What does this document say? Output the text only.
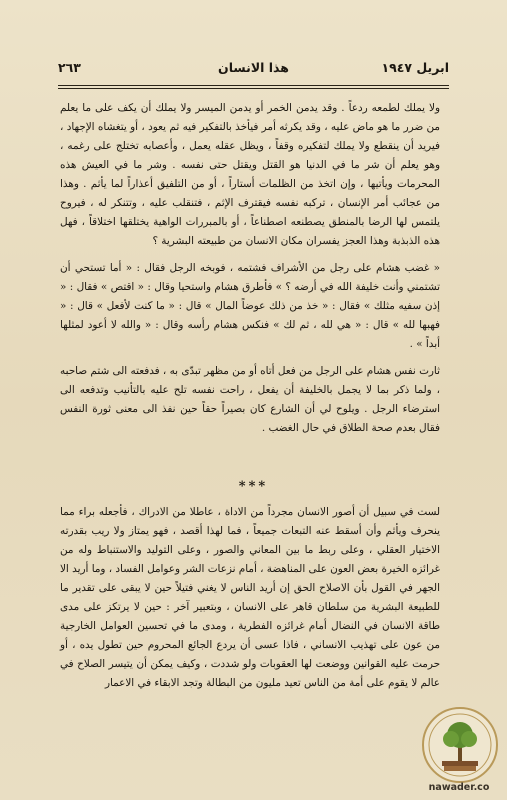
ابريل ١٩٤٧
هذا الانسان
٢٦٣

ولا يملك لطمعه ردعاً . وقد يدمن الخمر أو يدمن الميسر ولا يملك أن يكف على ما يعلم من ضرر ما هو ماض عليه ، وقد يكرثه أمر فيأخذ بالتفكير فيه ثم يعود ، أو يتغشاه الإجهاد ، فيريد أن ينقطع ولا يملك لتفكيره وقفاً ، ويظل عقله يعمل ، وأعصابه تختلج على رغمه ، وهو يعلم أن شر ما في الدنيا هو القتل ويقتل حتى نفسه . وشر ما في العيش هذه المحرمات ويأتيها ، وإن اتخذ من الظلمات أستاراً ، أو من التلفيق أعذاراً لما يأثم . وهذا من عجائب أمر الإنسان ، تركبه نفسه فيقترف الإثم ، فتنقلب عليه ، وتتنكر له ، فيروح يلتمس لها الرضا بالمنطق يصطنعه اصطناعاً ، أو بالمبررات الواهية يختلقها اختلاقاً ، فهل هذه الذبذبة وهذا العجز يفسران مكان الانسان من طبيعته البشرية ؟

« غضب هشام على رجل من الأشراف فشتمه ، فوبخه الرجل فقال : « أما تستحي أن تشتمني وأنت خليفة الله في أرضه ؟ » فأطرق هشام واستحيا وقال : « اقتص » فقال : « إذن سفيه مثلك » فقال : « خذ من ذلك عوضاً المال » قال : « ما كنت لأفعل » قال : « فهبها لله » قال : « هي لله ، ثم لك » فنكس هشام رأسه وقال : « والله لا أعود لمثلها أبداً » .

ثارت نفس هشام على الرجل من فعل أتاه أو من مظهر تبدّى به ، فدفعته الى شتم صاحبه ، ولما ذكر بما لا يجمل بالخليفة أن يفعل ، راحت نفسه تلح عليه بالتأنيب وتدفعه الى استرضاء الرجل . ويلوح لي أن الشارع كان بصيراً حقاً حين نفذ الى معنى ثورة النفس فقال بعدم صحة الطلاق في حال الغضب .

***

لست في سبيل أن أصور الانسان مجرداً من الاداة ، عاطلا من الادراك ، فأجعله براء مما ينحرف ويأثم وأن أسقط عنه التبعات جميعاً ، فما لهذا أقصد ، فهو يمتاز ولا ريب بقدرته الاختيار العقلي ، وعلى ربط ما بين المعاني والصور ، وعلى التوليد والاستنباط وله من غرائزه الخيرة بعض العون على المناهضة ، أمام نزعات الشر وعوامل الفساد ، وما أريد الا الجهر في القول بأن الاصلاح الحق إن أريد الناس لا يغني فتيلاً حين لا يبقى على تقدير ما للطبيعة البشرية من سلطان قاهر على الانسان ، وبتعبير آخر : حين لا يرتكز على مدى طاقة الانسان في النضال أمام غرائزه الفطرية ، ومدى ما في تحسين العوامل الخارجية من عون على تهذيب الانساني ، فاذا عسى أن يردع الجائع المحروم حين تطول يده ، أو حرمت عليه القوانين ووضعت لها العقوبات ولو شددت ، وكيف يمكن أن يتيسر الصلاح في عالم لا يقوم على أمة من الناس تعيد مليون من البطالة وتجد الابقاء في الاعمار

nawader.co
